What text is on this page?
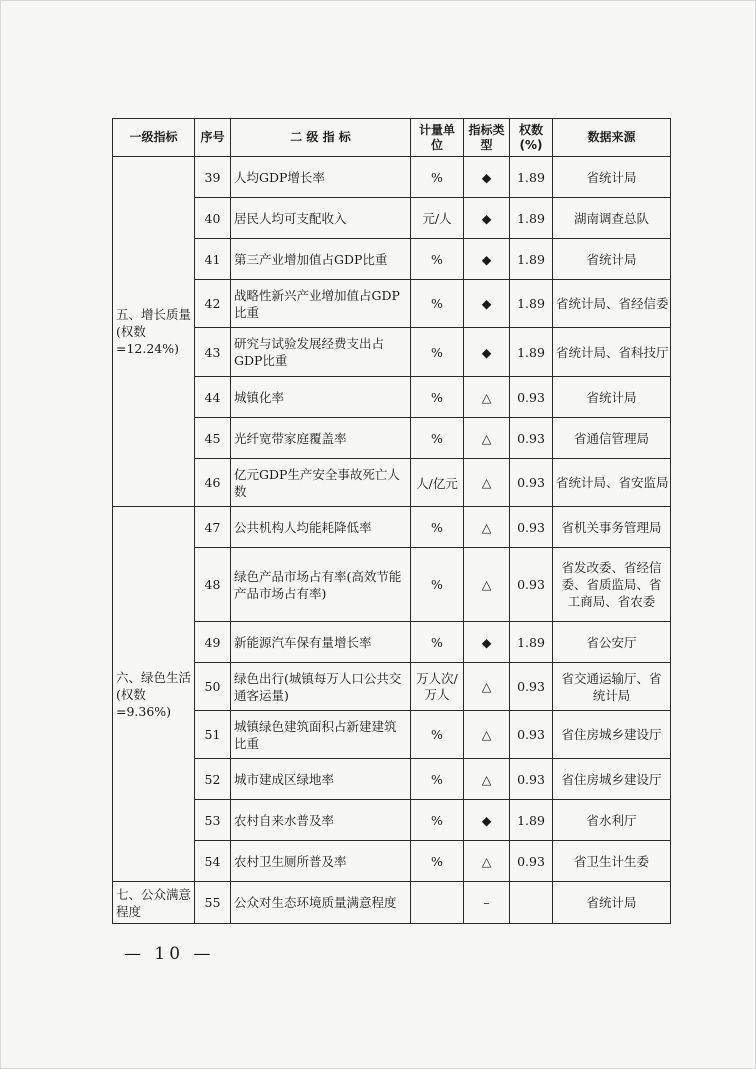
一级指标	序号	二 级 指 标	计量单位	指标类型	权数(%)	数据来源
五、增长质量(权数=12.24%)	39	人均GDP增长率	%	◆	1.89	省统计局
	40	居民人均可支配收入	元/人	◆	1.89	湖南调查总队
	41	第三产业增加值占GDP比重	%	◆	1.89	省统计局
	42	战略性新兴产业增加值占GDP比重	%	◆	1.89	省统计局、省经信委
	43	研究与试验发展经费支出占GDP比重	%	◆	1.89	省统计局、省科技厅
	44	城镇化率	%	△	0.93	省统计局
	45	光纤宽带家庭覆盖率	%	△	0.93	省通信管理局
	46	亿元GDP生产安全事故死亡人数	人/亿元	△	0.93	省统计局、省安监局
六、绿色生活(权数=9.36%)	47	公共机构人均能耗降低率	%	△	0.93	省机关事务管理局
	48	绿色产品市场占有率(高效节能产品市场占有率)	%	△	0.93	省发改委、省经信委、省质监局、省工商局、省农委
	49	新能源汽车保有量增长率	%	◆	1.89	省公安厅
	50	绿色出行(城镇每万人口公共交通客运量)	万人次/万人	△	0.93	省交通运输厅、省统计局
	51	城镇绿色建筑面积占新建建筑比重	%	△	0.93	省住房城乡建设厅
	52	城市建成区绿地率	%	△	0.93	省住房城乡建设厅
	53	农村自来水普及率	%	◆	1.89	省水利厅
	54	农村卫生厕所普及率	%	△	0.93	省卫生计生委
七、公众满意程度	55	公众对生态环境质量满意程度		–		省统计局
— 10 —
